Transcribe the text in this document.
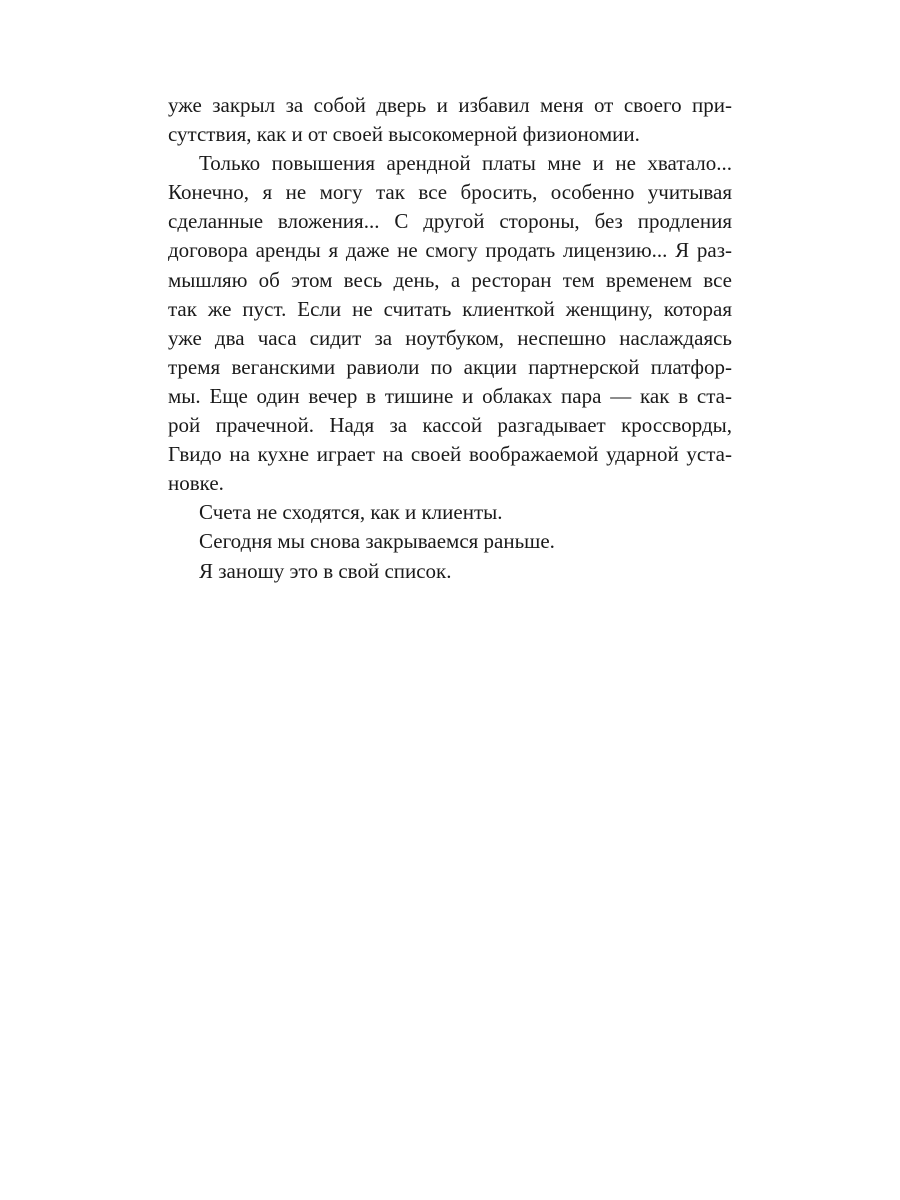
уже закрыл за собой дверь и избавил меня от своего при-
сутствия, как и от своей высокомерной физиономии.
Только повышения арендной платы мне и не хватало...
Конечно, я не могу так все бросить, особенно учитывая
сделанные вложения... С другой стороны, без продления
договора аренды я даже не смогу продать лицензию... Я раз-
мышляю об этом весь день, а ресторан тем временем все
так же пуст. Если не считать клиенткой женщину, которая
уже два часа сидит за ноутбуком, неспешно наслаждаясь
тремя веганскими равиоли по акции партнерской платфор-
мы. Еще один вечер в тишине и облаках пара — как в ста-
рой прачечной. Надя за кассой разгадывает кроссворды,
Гвидо на кухне играет на своей воображаемой ударной уста-
новке.
Счета не сходятся, как и клиенты.
Сегодня мы снова закрываемся раньше.
Я заношу это в свой список.
